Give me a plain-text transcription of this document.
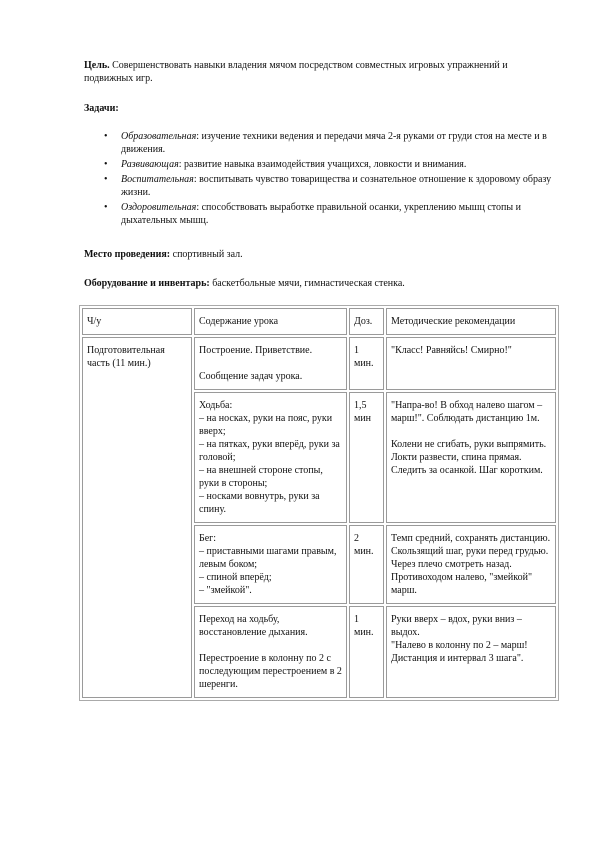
Цель. Совершенствовать навыки владения мячом посредством совместных игровых упражнений и подвижных игр.
Задачи:
• Образовательная: изучение техники ведения и передачи мяча 2-я руками от груди стоя на месте и в движения.
• Развивающая: развитие навыка взаимодействия учащихся, ловкости и внимания.
• Воспитательная: воспитывать чувство товарищества и сознательное отношение к здоровому образу жизни.
• Оздоровительная: способствовать выработке правильной осанки, укреплению мышц стопы и дыхательных мышц.
Место проведения: спортивный зал.
Оборудование и инвентарь: баскетбольные мячи, гимнастическая стенка.
Ч/у	Содержание урока	Доз.	Методические рекомендации
Подготовительная часть (11 мин.)	Построение. Приветствие.

Сообщение задач урока.	1
мин.	"Класс! Равняйсь! Смирно!"
	Ходьба:
– на носках, руки на пояс, руки вверх;
– на пятках, руки вперёд, руки за головой;
– на внешней стороне стопы, руки в стороны;
– носками вовнутрь, руки за спину.	1,5
мин	"Напра-во! В обход налево шагом – марш!". Соблюдать дистанцию 1м.

Колени не сгибать, руки выпрямить.
Локти развести, спина прямая.
Следить за осанкой. Шаг коротким.
	Бег:
– приставными шагами правым, левым боком;
– спиной вперёд;
– "змейкой".	2
мин.	Темп средний, сохранять дистанцию.
Скользящий шаг, руки перед грудью.
Через плечо смотреть назад.
Противоходом налево, "змейкой" марш.
	Переход на ходьбу, восстановление дыхания.

Перестроение в колонну по 2 с последующим перестроением в 2 шеренги.	1
мин.	Руки вверх – вдох, руки вниз – выдох.
"Налево в колонну по 2 – марш! Дистанция и интервал 3 шага".
